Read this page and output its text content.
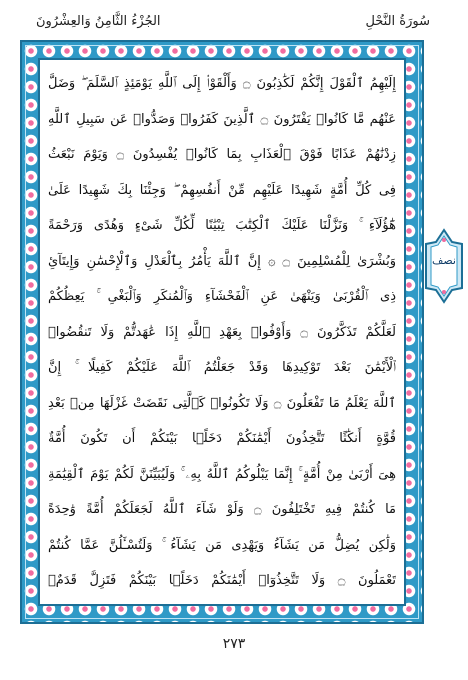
الجُزْءُ الثَّامِنُ وَالعِشْرُونَ	سُورَةُ النَّحْلِ
إِلَيْهِمُ ٱلْقَوْلَ إِنَّكُمْ لَكَٰذِبُونَ ۝ وَأَلْقَوْا۟ إِلَى ٱللَّهِ يَوْمَئِذٍ ٱلسَّلَمَ ۖ وَضَلَّ
عَنْهُم مَّا كَانُوا۟ يَفْتَرُونَ ۝ ٱلَّذِينَ كَفَرُوا۟ وَصَدُّوا۟ عَن سَبِيلِ ٱللَّهِ
زِدْنَٰهُمْ عَذَابًا فَوْقَ ٱلْعَذَابِ بِمَا كَانُوا۟ يُفْسِدُونَ ۝ وَيَوْمَ نَبْعَثُ
فِى كُلِّ أُمَّةٍ شَهِيدًا عَلَيْهِم مِّنْ أَنفُسِهِمْ ۖ وَجِئْنَا بِكَ شَهِيدًا عَلَىٰ
هَٰٓؤُلَآءِ ۚ وَنَزَّلْنَا عَلَيْكَ ٱلْكِتَٰبَ تِبْيَٰنًا لِّكُلِّ شَىْءٍ وَهُدًى وَرَحْمَةً
وَبُشْرَىٰ لِلْمُسْلِمِينَ ۝ ۞ إِنَّ ٱللَّهَ يَأْمُرُ بِٱلْعَدْلِ وَٱلْإِحْسَٰنِ وَإِيتَآئِ
ذِى ٱلْقُرْبَىٰ وَيَنْهَىٰ عَنِ ٱلْفَحْشَآءِ وَٱلْمُنكَرِ وَٱلْبَغْىِ ۚ يَعِظُكُمْ
لَعَلَّكُمْ تَذَكَّرُونَ ۝ وَأَوْفُوا۟ بِعَهْدِ ٱللَّهِ إِذَا عَٰهَدتُّمْ وَلَا تَنقُضُوا۟
ٱلْأَيْمَٰنَ بَعْدَ تَوْكِيدِهَا وَقَدْ جَعَلْتُمُ ٱللَّهَ عَلَيْكُمْ كَفِيلًا ۚ إِنَّ
ٱللَّهَ يَعْلَمُ مَا تَفْعَلُونَ ۝ وَلَا تَكُونُوا۟ كَٱلَّتِى نَقَضَتْ غَزْلَهَا مِنۢ بَعْدِ
قُوَّةٍ أَنكَٰثًا تَتَّخِذُونَ أَيْمَٰنَكُمْ دَخَلًۢا بَيْنَكُمْ أَن تَكُونَ أُمَّةٌ
هِىَ أَرْبَىٰ مِنْ أُمَّةٍ ۚ إِنَّمَا يَبْلُوكُمُ ٱللَّهُ بِهِۦ ۚ وَلَيُبَيِّنَنَّ لَكُمْ يَوْمَ ٱلْقِيَٰمَةِ
مَا كُنتُمْ فِيهِ تَخْتَلِفُونَ ۝ وَلَوْ شَآءَ ٱللَّهُ لَجَعَلَكُمْ أُمَّةً وَٰحِدَةً
وَلَٰكِن يُضِلُّ مَن يَشَآءُ وَيَهْدِى مَن يَشَآءُ ۚ وَلَتُسْـَٔلُنَّ عَمَّا كُنتُمْ
تَعْمَلُونَ ۝ وَلَا تَتَّخِذُوٓا۟ أَيْمَٰنَكُمْ دَخَلًۢا بَيْنَكُمْ فَتَزِلَّ قَدَمٌۢ
نصف
٢٧٣
